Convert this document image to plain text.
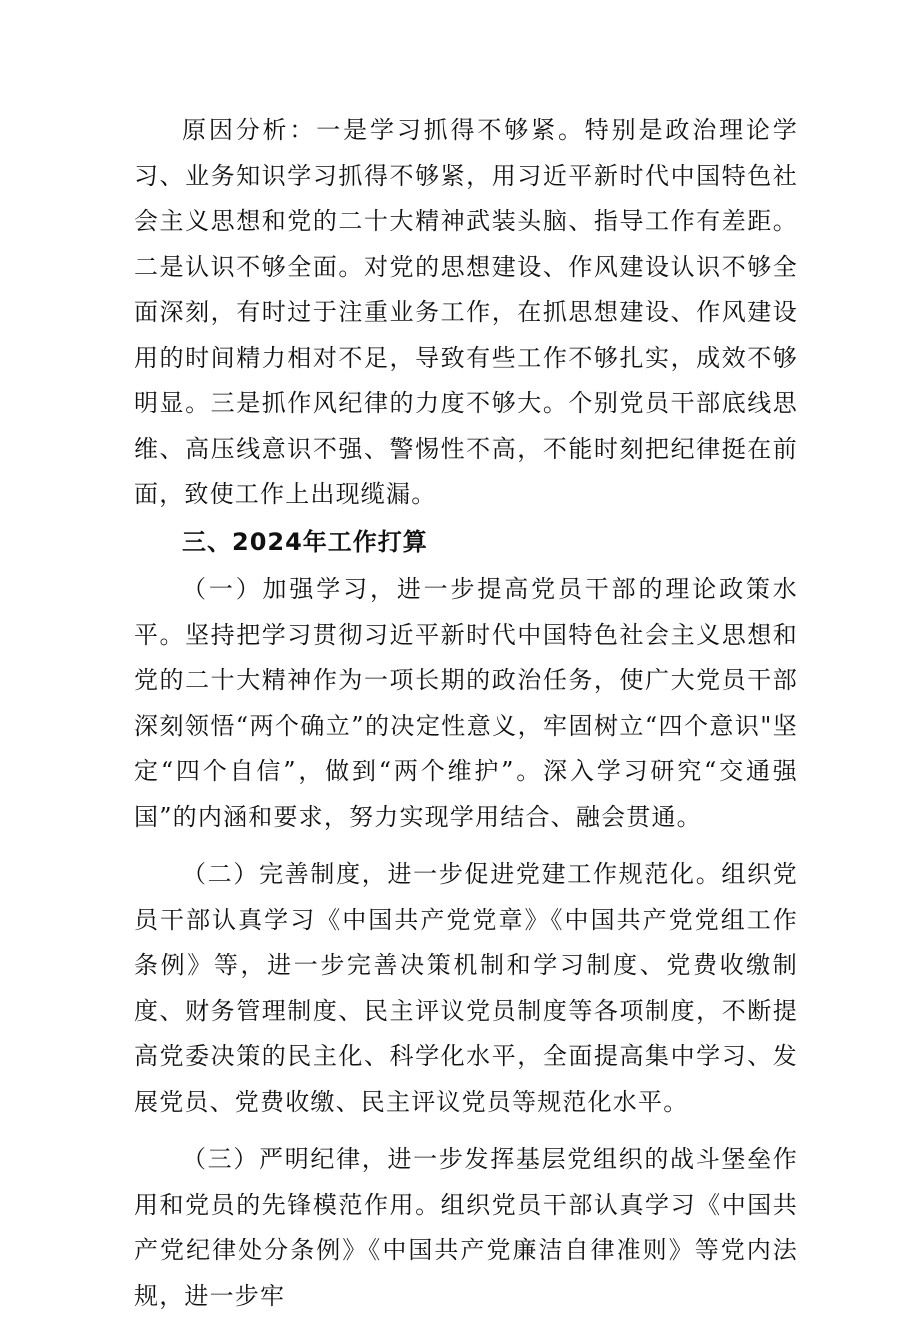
原因分析：一是学习抓得不够紧。特别是政治理论学习、业务知识学习抓得不够紧，用习近平新时代中国特色社会主义思想和党的二十大精神武装头脑、指导工作有差距。二是认识不够全面。对党的思想建设、作风建设认识不够全面深刻，有时过于注重业务工作，在抓思想建设、作风建设用的时间精力相对不足，导致有些工作不够扎实，成效不够明显。三是抓作风纪律的力度不够大。个别党员干部底线思维、高压线意识不强、警惕性不高，不能时刻把纪律挺在前面，致使工作上出现缆漏。

三、2024年工作打算

（一）加强学习，进一步提高党员干部的理论政策水平。坚持把学习贯彻习近平新时代中国特色社会主义思想和党的二十大精神作为一项长期的政治任务，使广大党员干部深刻领悟“两个确立”的决定性意义，牢固树立“四个意识"坚定“四个自信”，做到“两个维护”。深入学习研究“交通强国”的内涵和要求，努力实现学用结合、融会贯通。

（二）完善制度，进一步促进党建工作规范化。组织党员干部认真学习《中国共产党党章》《中国共产党党组工作条例》等，进一步完善决策机制和学习制度、党费收缴制度、财务管理制度、民主评议党员制度等各项制度，不断提高党委决策的民主化、科学化水平，全面提高集中学习、发展党员、党费收缴、民主评议党员等规范化水平。

（三）严明纪律，进一步发挥基层党组织的战斗堡垒作用和党员的先锋模范作用。组织党员干部认真学习《中国共产党纪律处分条例》《中国共产党廉洁自律准则》等党内法规，进一步牢
